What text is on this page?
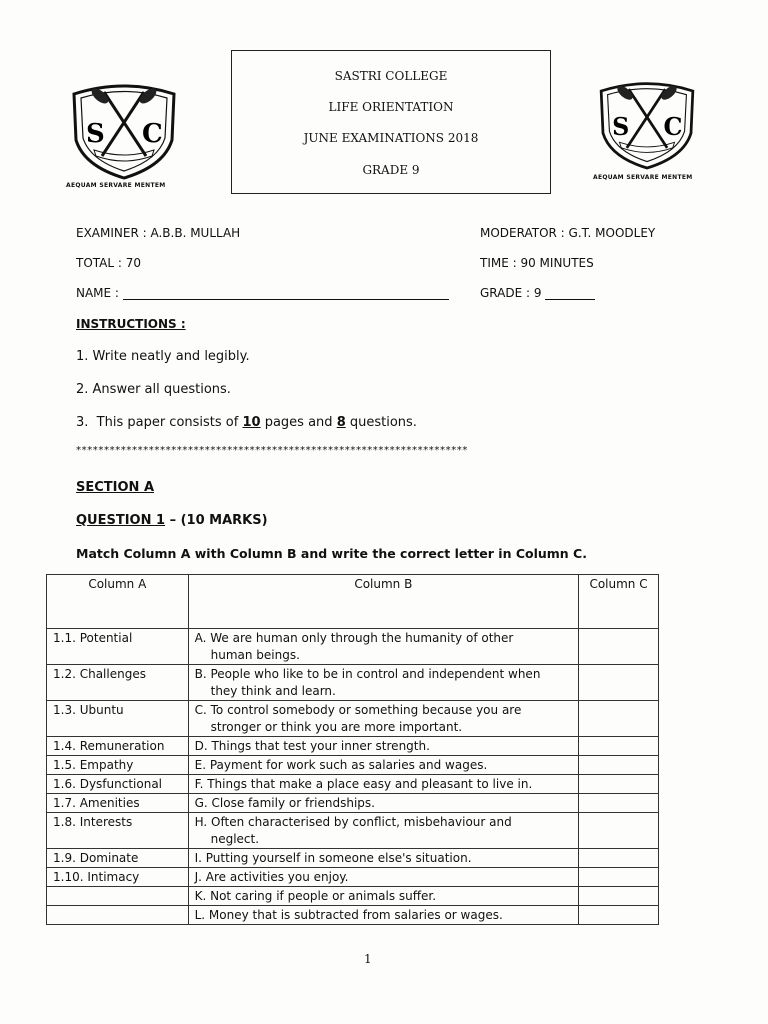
SASTRI COLLEGE
LIFE ORIENTATION
JUNE EXAMINATIONS 2018
GRADE 9
S C
AEQUAM SERVARE MENTEM
S C
AEQUAM SERVARE MENTEM
EXAMINER : A.B.B. MULLAH	MODERATOR : G.T. MOODLEY
TOTAL : 70	TIME : 90 MINUTES
NAME :	GRADE : 9
INSTRUCTIONS :
1. Write neatly and legibly.
2. Answer all questions.
3.  This paper consists of 10 pages and 8 questions.
**********************************************************************
SECTION A
QUESTION 1 – (10 MARKS)
Match Column A with Column B and write the correct letter in Column C.
Column A	Column B	Column C
1.1. Potential	A. We are human only through the humanity of other
human beings.	

1.2. Challenges	B. People who like to be in control and independent when
they think and learn.	

1.3. Ubuntu	C. To control somebody or something because you are
stronger or think you are more important.	

1.4. Remuneration	D. Things that test your inner strength.	
1.5. Empathy	E. Payment for work such as salaries and wages.	
1.6. Dysfunctional	F. Things that make a place easy and pleasant to live in.	
1.7. Amenities	G. Close family or friendships.	
1.8. Interests	H. Often characterised by conflict, misbehaviour and
neglect.	

1.9. Dominate	I. Putting yourself in someone else's situation.	
1.10. Intimacy	J. Are activities you enjoy.	
	K. Not caring if people or animals suffer.	
	L. Money that is subtracted from salaries or wages.	
1
